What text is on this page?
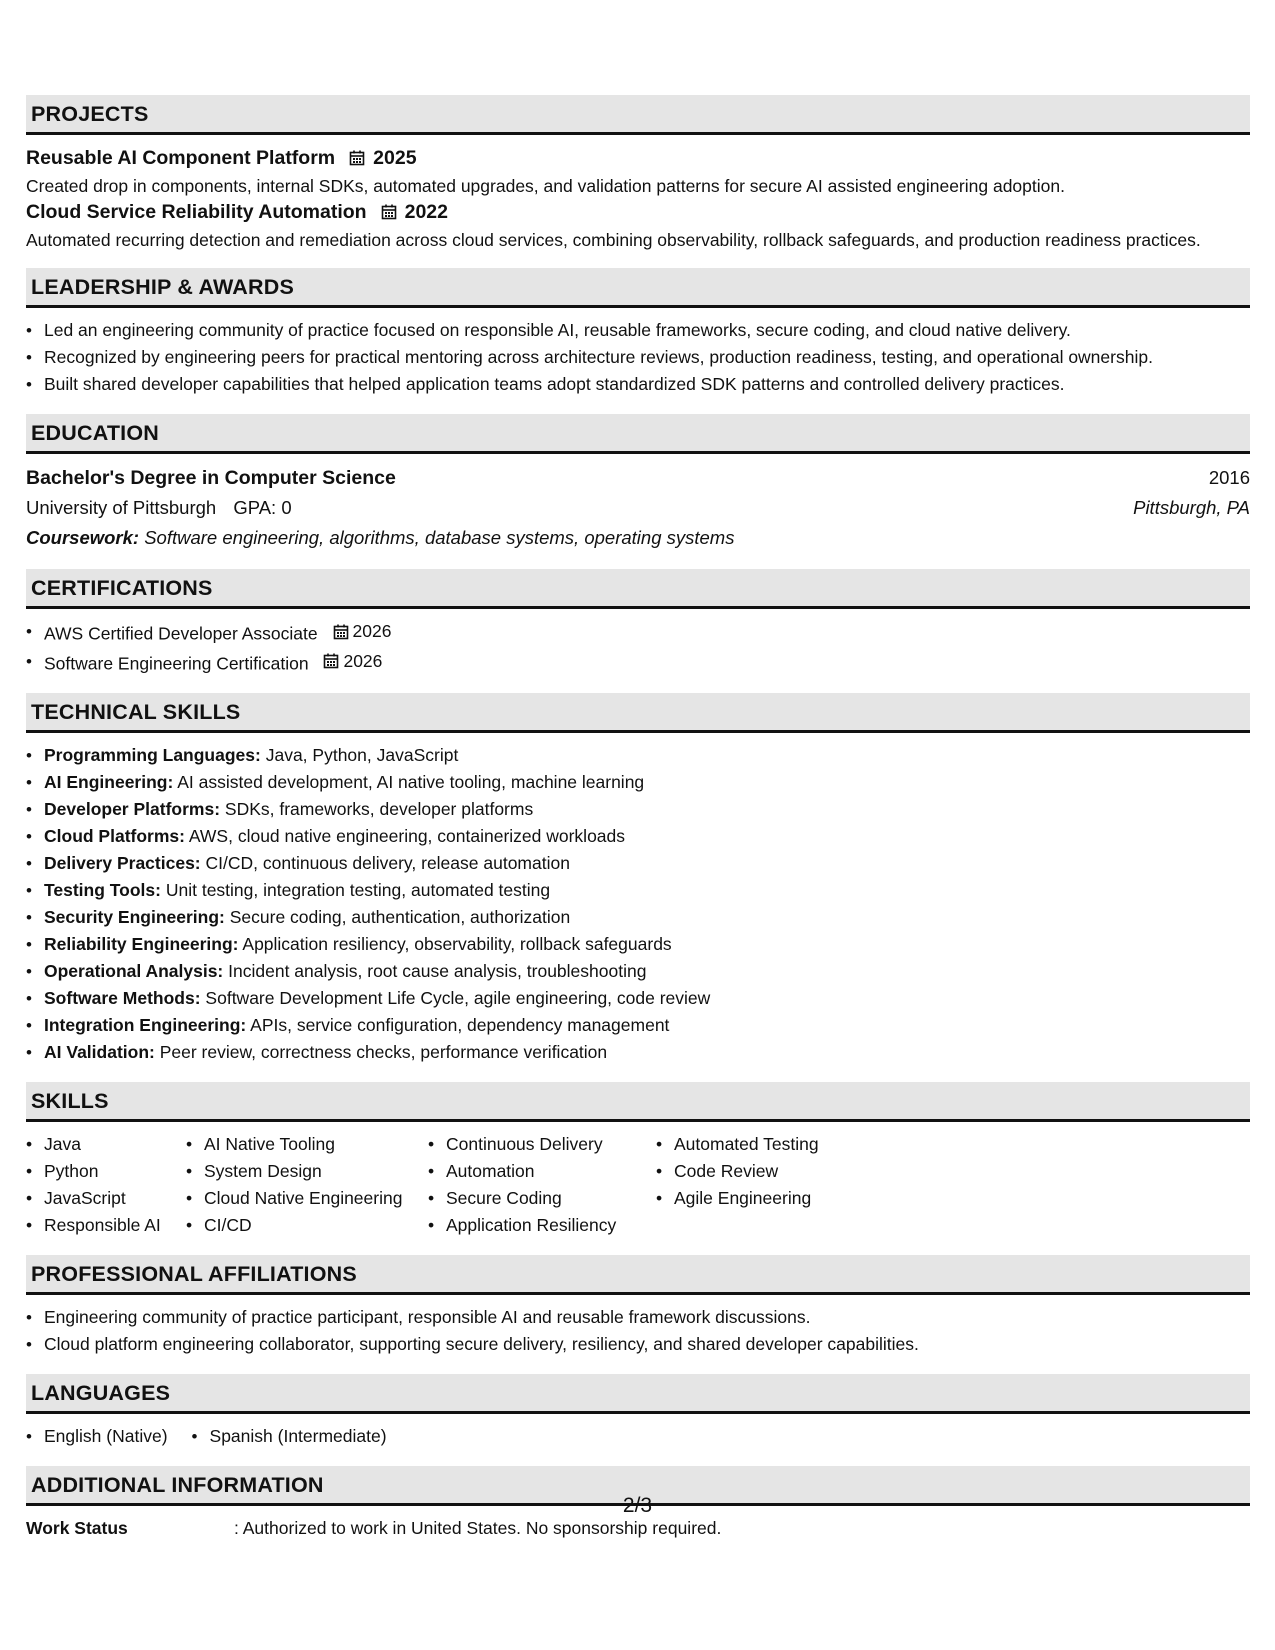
PROJECTS
Reusable AI Component Platform 2025
Created drop in components, internal SDKs, automated upgrades, and validation patterns for secure AI assisted engineering adoption.
Cloud Service Reliability Automation 2022
Automated recurring detection and remediation across cloud services, combining observability, rollback safeguards, and production readiness practices.
LEADERSHIP & AWARDS
• Led an engineering community of practice focused on responsible AI, reusable frameworks, secure coding, and cloud native delivery.
• Recognized by engineering peers for practical mentoring across architecture reviews, production readiness, testing, and operational ownership.
• Built shared developer capabilities that helped application teams adopt standardized SDK patterns and controlled delivery practices.
EDUCATION
Bachelor's Degree in Computer Science	2016
University of Pittsburgh GPA: 0	Pittsburgh, PA
Coursework: Software engineering, algorithms, database systems, operating systems
CERTIFICATIONS
• AWS Certified Developer Associate 2026
• Software Engineering Certification 2026
TECHNICAL SKILLS
• Programming Languages: Java, Python, JavaScript
• AI Engineering: AI assisted development, AI native tooling, machine learning
• Developer Platforms: SDKs, frameworks, developer platforms
• Cloud Platforms: AWS, cloud native engineering, containerized workloads
• Delivery Practices: CI/CD, continuous delivery, release automation
• Testing Tools: Unit testing, integration testing, automated testing
• Security Engineering: Secure coding, authentication, authorization
• Reliability Engineering: Application resiliency, observability, rollback safeguards
• Operational Analysis: Incident analysis, root cause analysis, troubleshooting
• Software Methods: Software Development Life Cycle, agile engineering, code review
• Integration Engineering: APIs, service configuration, dependency management
• AI Validation: Peer review, correctness checks, performance verification
SKILLS
• Java
• Python
• JavaScript
• Responsible AI
• AI Native Tooling
• System Design
• Cloud Native Engineering
• CI/CD
• Continuous Delivery
• Automation
• Secure Coding
• Application Resiliency
• Automated Testing
• Code Review
• Agile Engineering
PROFESSIONAL AFFILIATIONS
• Engineering community of practice participant, responsible AI and reusable framework discussions.
• Cloud platform engineering collaborator, supporting secure delivery, resiliency, and shared developer capabilities.
LANGUAGES
• English (Native)
•	Spanish (Intermediate)
ADDITIONAL INFORMATION
Work Status	: Authorized to work in United States. No sponsorship required.
2/3
